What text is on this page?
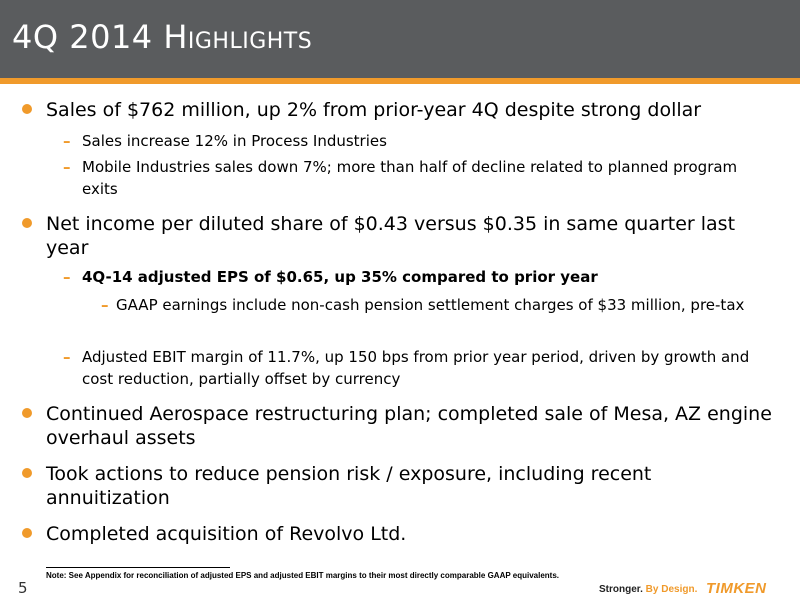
4Q 2014 Highlights
Sales of $762 million, up 2% from prior-year 4Q despite strong dollar
– Sales increase 12% in Process Industries
– Mobile Industries sales down 7%; more than half of decline related to planned program exits
Net income per diluted share of $0.43 versus $0.35 in same quarter last year
– 4Q-14 adjusted EPS of $0.65, up 35% compared to prior year
– GAAP earnings include non-cash pension settlement charges of $33 million, pre-tax
– Adjusted EBIT margin of 11.7%, up 150 bps from prior year period, driven by growth and cost reduction, partially offset by currency
Continued Aerospace restructuring plan; completed sale of Mesa, AZ engine overhaul assets
Took actions to reduce pension risk / exposure, including recent annuitization
Completed acquisition of Revolvo Ltd.
Note: See Appendix for reconciliation of adjusted EPS and adjusted EBIT margins to their most directly comparable GAAP equivalents.
5	Stronger. By Design. TIMKEN
